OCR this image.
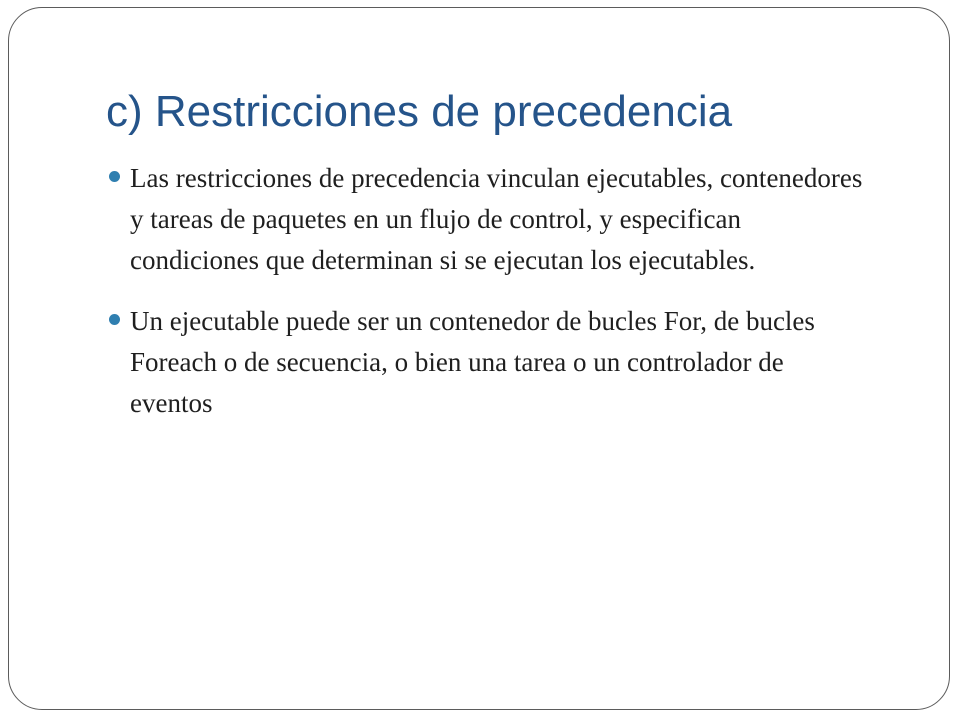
c) Restricciones de precedencia
Las restricciones de precedencia vinculan ejecutables, contenedores y tareas de paquetes en un flujo de control, y especifican condiciones que determinan si se ejecutan los ejecutables.
Un ejecutable puede ser un contenedor de bucles For, de bucles Foreach o de secuencia, o bien una tarea o un controlador de eventos
